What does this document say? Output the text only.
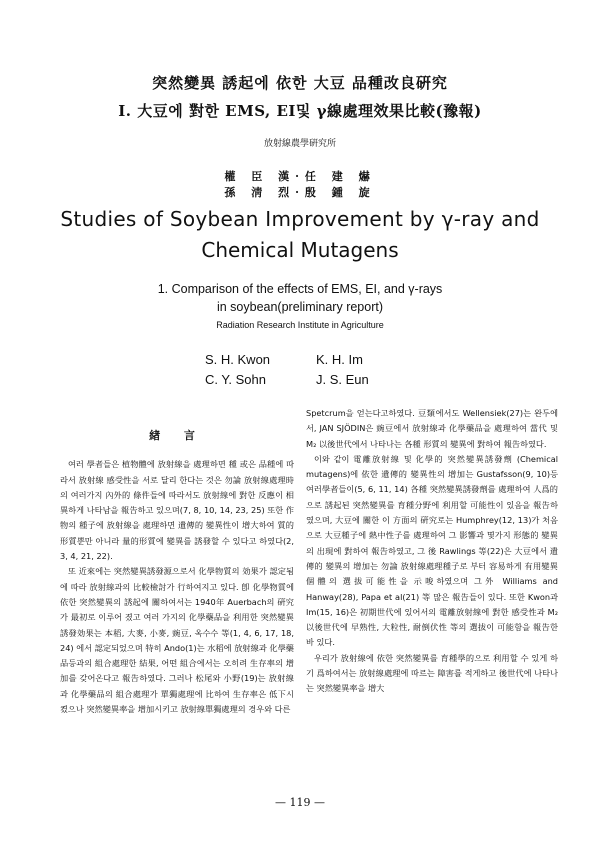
突然變異 誘起에 依한 大豆 品種改良硏究
I. 大豆에 對한 EMS, EI및 γ線處理效果比較(豫報)
放射線農學硏究所
權 臣 漢·任 建 爀
孫 淸 烈·殷 鍾 旋
Studies of Soybean Improvement by γ-ray and
Chemical Mutagens
1. Comparison of the effects of EMS, EI, and γ-rays
in soybean(preliminary report)
Radiation Research Institute in Agriculture
S. H. Kwon	K. H. Im
C. Y. Sohn	J. S. Eun
緖 言

여러 學者들은 植物體에 放射線을 處理하면 種 或은 品種에 따라서 放射線 感受性을 서로 달리 한다는 것은 勿論 放射線處理時의 여러가지 內外的 條件들에 따라서도 放射線에 對한 反應이 相異하게 나타남을 報告하고 있으며(7, 8, 10, 14, 23, 25) 또한 作物의 種子에 放射線을 處理하면 遺傳的 變異性이 增大하여 質的形質뿐만 아니라 量的形質에 變異를 誘發할 수 있다고 하였다(2, 3, 4, 21, 22).

또 近來에는 突然變異誘發源으로서 化學物質의 効果가 認定됨에 따라 放射線과의 比較檢討가 行하여지고 있다. 卽 化學物質에 依한 突然變異의 誘起에 關하여서는 1940年 Auerbach의 硏究가 最初로 이루어 졌고 여러 가지의 化學藥品을 利用한 突然變異誘發効果는 本稻, 大麥, 小麥, 豌豆, 옥수수 等(1, 4, 6, 17, 18, 24) 에서 認定되었으며 特히 Ando(1)는 水稻에 放射線과 化學藥品등과의 組合處理한 結果, 어떤 組合에서는 오히려 生存率의 增加를 갖어온다고 報告하였다. 그러나 松尾와 小野(19)는 放射線과 化學藥品의 組合處理가 單獨處理에 比하여 生存率은 低下시켰으나 突然變異率을 增加시키고 放射線單獨處理의 경우와 다른

Spetcrum을 얻는다고하였다. 豆類에서도 Wellensiek(27)는 완두에서, JAN SJÖDIN은 豌豆에서 放射線과 化學藥品을 處理하여 當代 및 M₂ 以後世代에서 나타나는 各種 形質의 變異에 對하여 報告하였다.

이와 같이 電離放射線 및 化學的 突然變異誘發劑 (Chemical mutagens)에 依한 遺傳的 變異性의 增加는 Gustafsson(9, 10)등 여러學者들이(5, 6, 11, 14) 各種 突然變異誘發劑를 處理하여 人爲的으로 誘起된 突然變異를 育種分野에 利用할 可能性이 있음을 報告하였으며, 大豆에 關한 이 方面의 硏究로는 Humphrey(12, 13)가 처음으로 大豆種子에 熱中性子를 處理하여 그 影響과 몇가지 形態的 變異의 出現에 對하여 報告하였고, 그 後 Rawlings 等(22)은 大豆에서 遺傳的 變異의 增加는 勿論 放射線處理種子로 부터 容易하게 有用變異個體의 選拔可能性을 示唆하였으며 그外 Williams and Hanway(28), Papa et al(21) 等 많은 報告들이 있다. 또한 Kwon과 Im(15, 16)은 初期世代에 있어서의 電離放射線에 對한 感受性과 M₂ 以後世代에 早熟性, 大粒性, 耐倒伏性 等의 選拔이 可能함을 報告한 바 있다.

우리가 放射線에 依한 突然變異를 育種學的으로 利用할 수 있게 하기 爲하여서는 放射線處理에 따르는 障害를 적게하고 後世代에 나타나는 突然變異率을 增大

— 119 —
